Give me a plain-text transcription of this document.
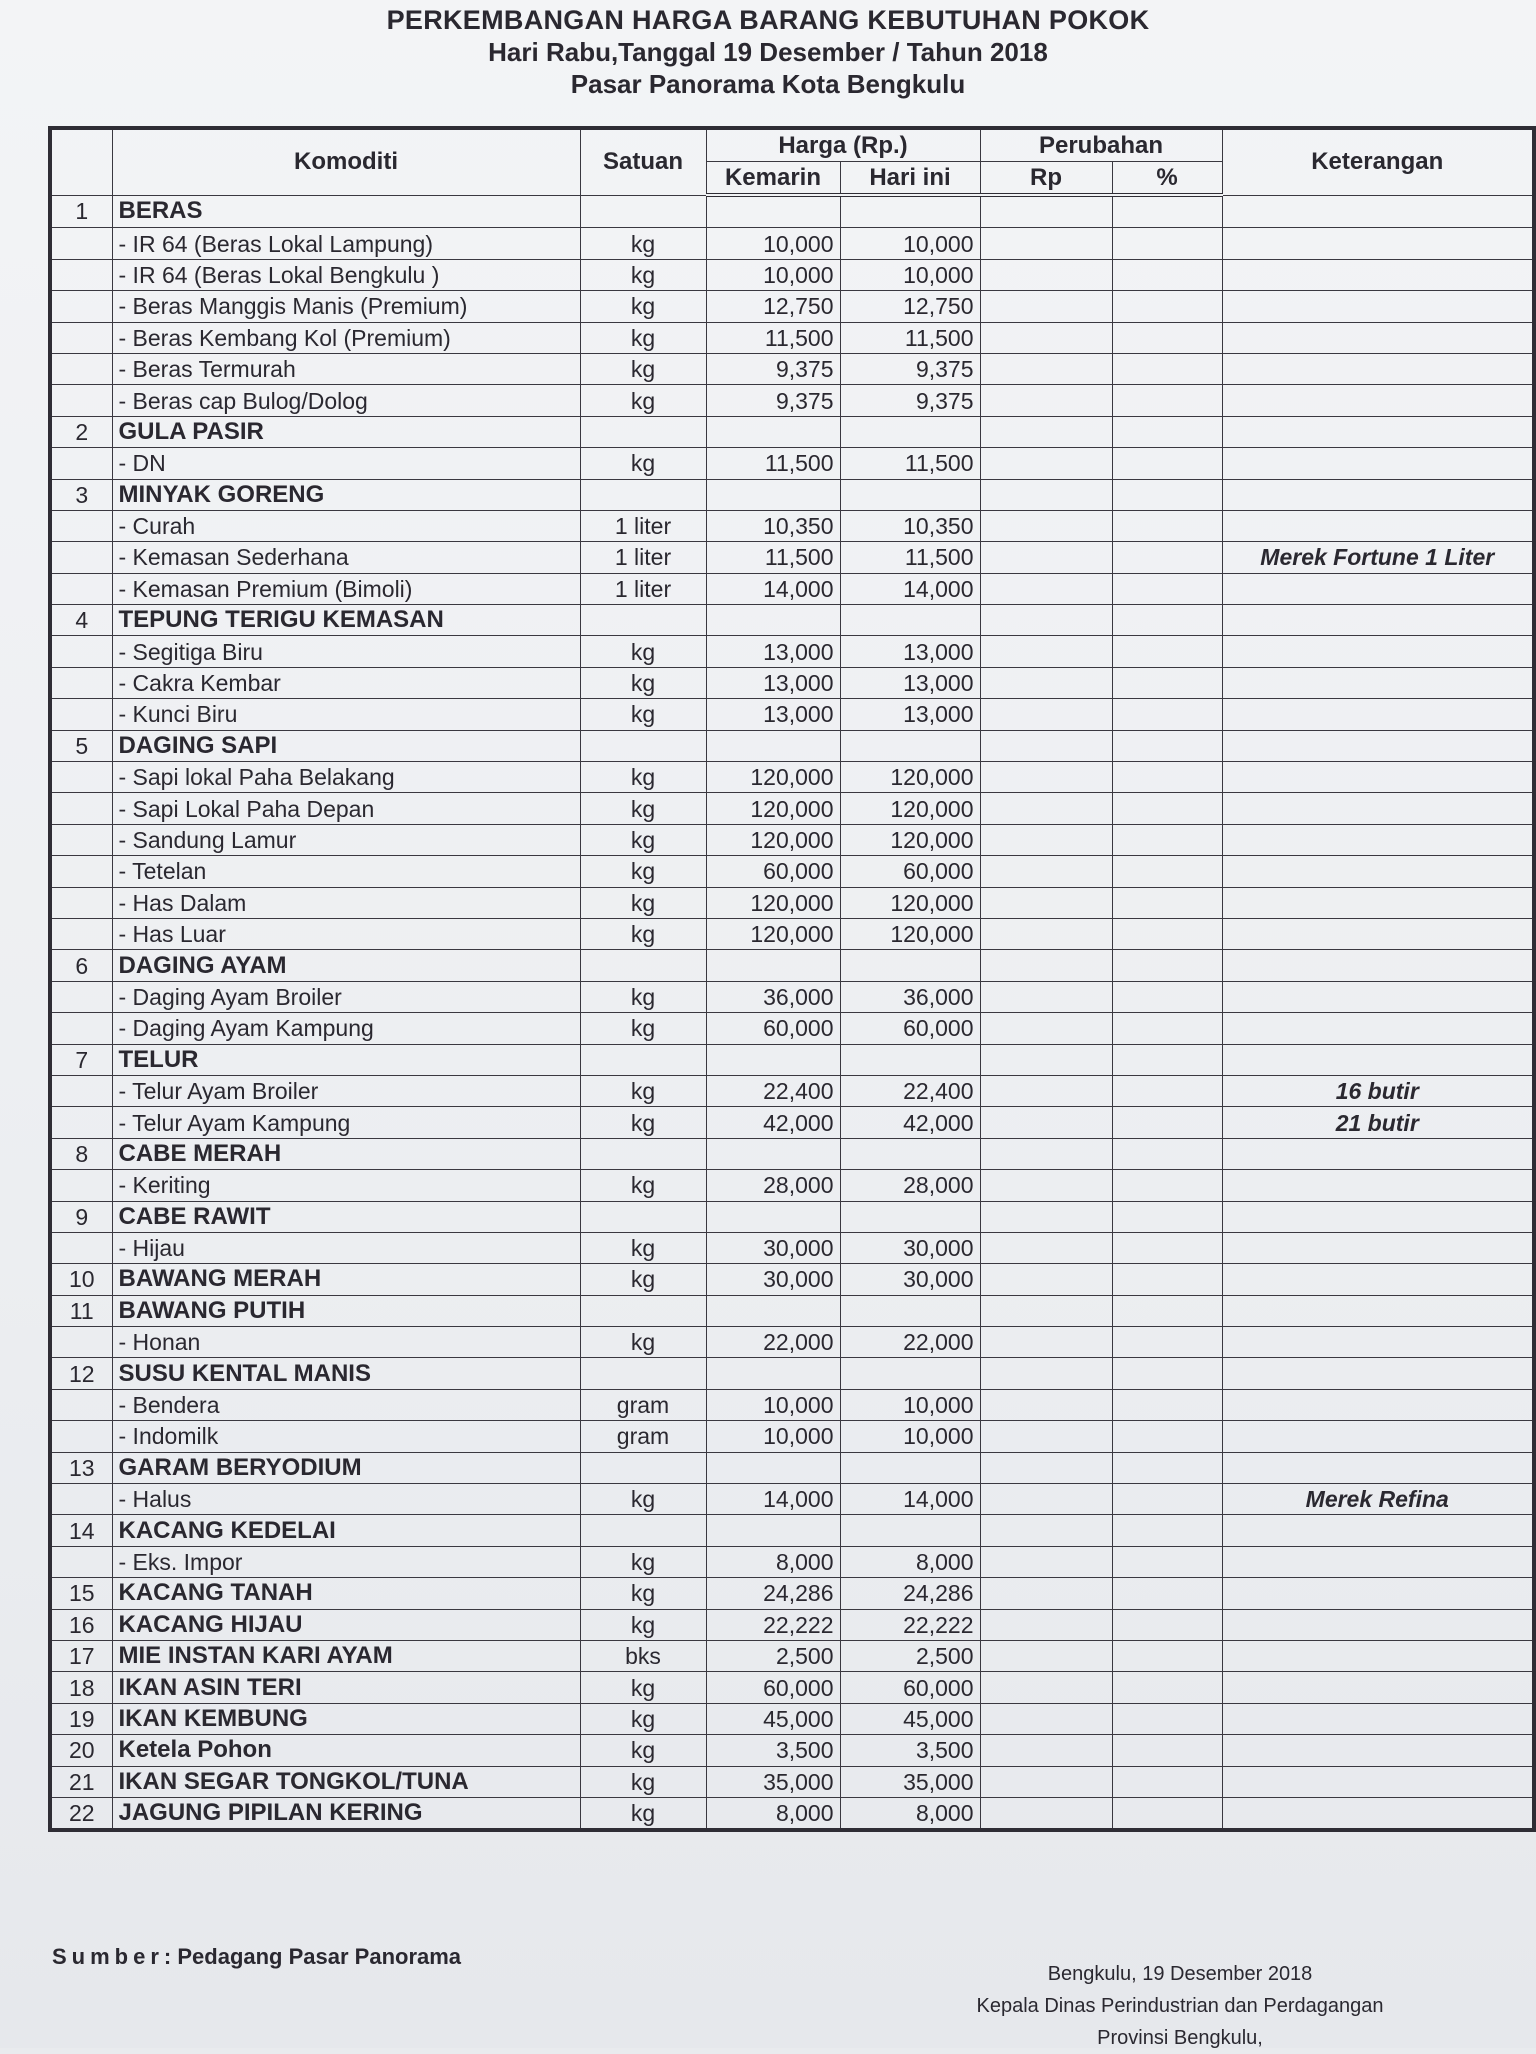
PERKEMBANGAN HARGA BARANG KEBUTUHAN POKOK
Hari Rabu,Tanggal 19 Desember / Tahun 2018
Pasar Panorama Kota Bengkulu
	Komoditi	Satuan	Harga (Rp.)		Perubahan		Keterangan
			Kemarin	Hari ini	Rp	%	
1	BERAS						
	- IR 64 (Beras Lokal Lampung)	kg	10,000	10,000			
	- IR 64 (Beras Lokal Bengkulu )	kg	10,000	10,000			
	- Beras Manggis Manis (Premium)	kg	12,750	12,750			
	- Beras Kembang Kol (Premium)	kg	11,500	11,500			
	- Beras Termurah	kg	9,375	9,375			
	- Beras cap Bulog/Dolog	kg	9,375	9,375			
2	GULA PASIR						
	- DN	kg	11,500	11,500			
3	MINYAK GORENG						
	- Curah	1 liter	10,350	10,350			
	- Kemasan Sederhana	1 liter	11,500	11,500			Merek Fortune 1 Liter
	- Kemasan Premium (Bimoli)	1 liter	14,000	14,000			
4	TEPUNG TERIGU KEMASAN						
	- Segitiga Biru	kg	13,000	13,000			
	- Cakra Kembar	kg	13,000	13,000			
	- Kunci Biru	kg	13,000	13,000			
5	DAGING SAPI						
	- Sapi lokal Paha Belakang	kg	120,000	120,000			
	- Sapi Lokal Paha Depan	kg	120,000	120,000			
	- Sandung Lamur	kg	120,000	120,000			
	- Tetelan	kg	60,000	60,000			
	- Has Dalam	kg	120,000	120,000			
	- Has Luar	kg	120,000	120,000			
6	DAGING AYAM						
	- Daging Ayam Broiler	kg	36,000	36,000			
	- Daging Ayam Kampung	kg	60,000	60,000			
7	TELUR						
	- Telur Ayam Broiler	kg	22,400	22,400			16 butir
	- Telur Ayam Kampung	kg	42,000	42,000			21 butir
8	CABE MERAH						
	- Keriting	kg	28,000	28,000			
9	CABE RAWIT						
	- Hijau	kg	30,000	30,000			
10	BAWANG MERAH	kg	30,000	30,000			
11	BAWANG PUTIH						
	- Honan	kg	22,000	22,000			
12	SUSU KENTAL MANIS						
	- Bendera	gram	10,000	10,000			
	- Indomilk	gram	10,000	10,000			
13	GARAM BERYODIUM						
	- Halus	kg	14,000	14,000			Merek Refina
14	KACANG KEDELAI						
	- Eks. Impor	kg	8,000	8,000			
15	KACANG TANAH	kg	24,286	24,286			
16	KACANG HIJAU	kg	22,222	22,222			
17	MIE INSTAN KARI AYAM	bks	2,500	2,500			
18	IKAN ASIN TERI	kg	60,000	60,000			
19	IKAN KEMBUNG	kg	45,000	45,000			
20	Ketela Pohon	kg	3,500	3,500			
21	IKAN SEGAR TONGKOL/TUNA	kg	35,000	35,000			
22	JAGUNG PIPILAN KERING	kg	8,000	8,000			
Sumber: Pedagang Pasar Panorama
Bengkulu, 19 Desember 2018
Kepala Dinas Perindustrian dan Perdagangan
Provinsi Bengkulu,
